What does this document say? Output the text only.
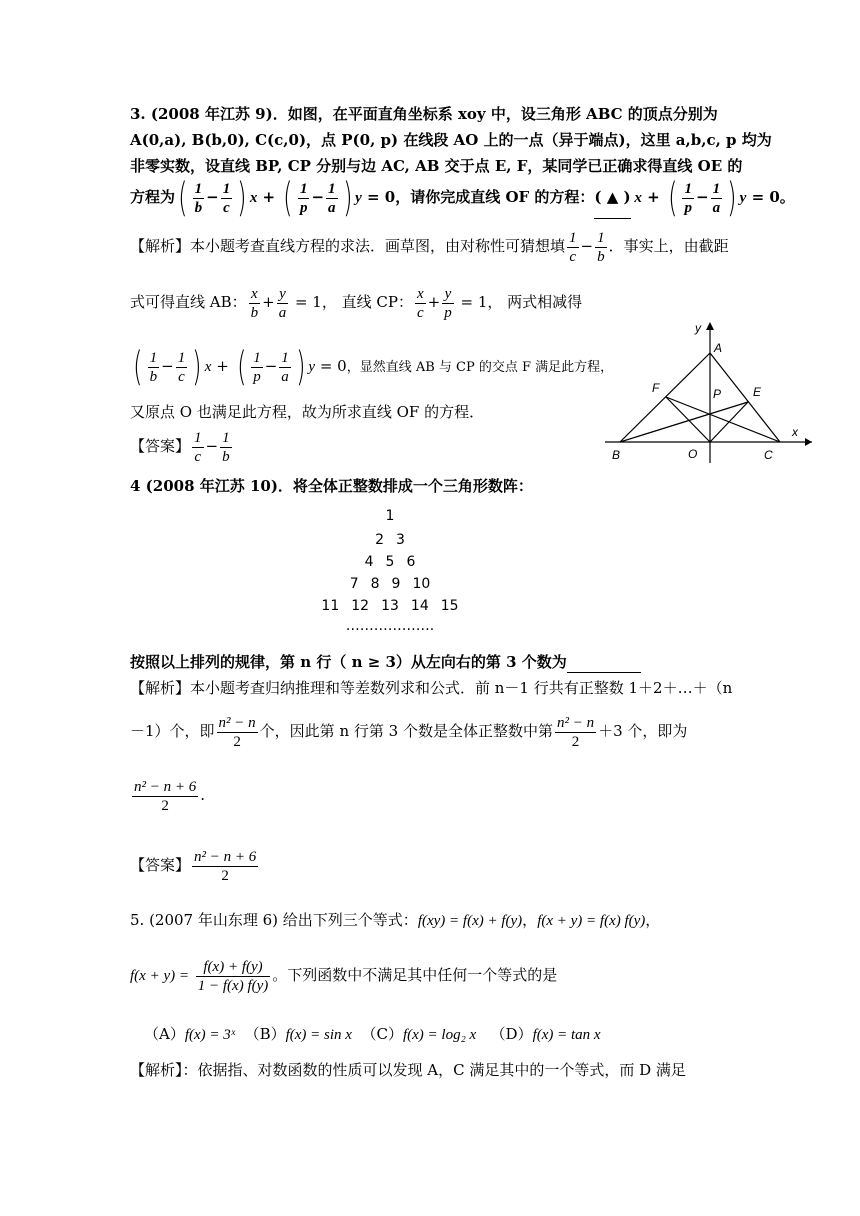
3. (2008 年江苏 9)．如图，在平面直角坐标系 xoy 中，设三角形 ABC 的顶点分别为
A(0,a), B(b,0), C(c,0)，点 P(0, p) 在线段 AO 上的一点（异于端点)，这里 a,b,c, p 均为
非零实数，设直线 BP, CP 分别与边 AC, AB 交于点 E, F，某同学已正确求得直线 OE 的
方程为( $\frac{1}{b} - \frac{1}{c}$ ) x + ( $\frac{1}{p} - \frac{1}{a}$ ) y = 0，请你完成直线 OF 的方程：( ▲ ) x + ( $\frac{1}{p} - \frac{1}{a}$ ) y = 0。
【解析】本小题考查直线方程的求法．画草图，由对称性可猜想填 $\frac{1}{c} - \frac{1}{b}$ ．事实上，由截距
式可得直线 AB： $\frac{x}{b} + \frac{y}{a} = 1$， 直线 CP： $\frac{x}{c} + \frac{y}{p} = 1$， 两式相减得
( $\frac{1}{b} - \frac{1}{c}$ ) x + ( $\frac{1}{p} - \frac{1}{a}$ ) y = 0，显然直线 AB 与 CP 的交点 F 满足此方程，
又原点 O 也满足此方程，故为所求直线 OF 的方程．
【答案】 $\frac{1}{c} - \frac{1}{b}$
y
A
F	P	E
x
B	O	C
4 (2008 年江苏 10)．将全体正整数排成一个三角形数阵：
1
2 3
4 5 6
7 8 9 10
11 12 13 14 15
……………….
按照以上排列的规律，第 n 行（ n ≥ 3）从左向右的第 3 个数为
【解析】本小题考查归纳推理和等差数列求和公式．前 n－1 行共有正整数 1＋2＋…＋（n
－1）个，即 $\frac{\text{n² − n}}{2}$ 个，因此第 n 行第 3 个数是全体正整数中第 $\frac{\text{n² − n}}{2} +3$ 个，即为
$\frac{\text{n² − n + 6}}{2}$ .
【答案】 $\frac{\text{n² − n + 6}}{2}$
5. (2007 年山东理 6) 给出下列三个等式：f(xy) = f(x) + f(y)，f(x + y) = f(x) f(y)，
$f(x + y) = \frac{f(x) + f(y)}{1 - f(x) f(y)}$ 。下列函数中不满足其中任何一个等式的是
（A）f(x) = 3ˣ （B）f(x) = sin x （C）f(x) = log₂ x （D）f(x) = tan x
【解析】：依据指、对数函数的性质可以发现 A，C 满足其中的一个等式，而 D 满足
